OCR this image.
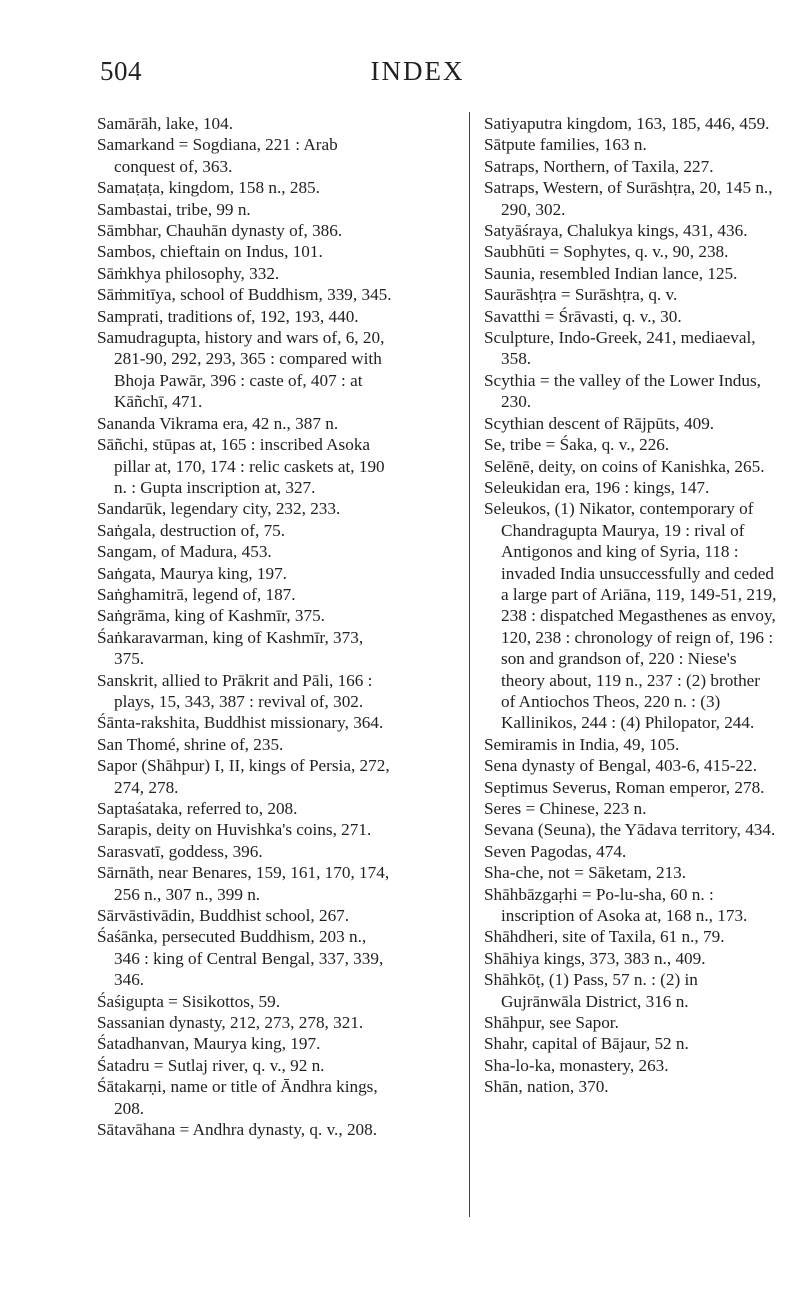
504	INDEX

Samārāh, lake, 104.

Samarkand = Sogdiana, 221 : Arab conquest of, 363.

Samaṭaṭa, kingdom, 158 n., 285.

Sambastai, tribe, 99 n.

Sāmbhar, Chauhān dynasty of, 386.

Sambos, chieftain on Indus, 101.

Sāṁkhya philosophy, 332.

Sāṁmitīya, school of Buddhism, 339, 345.

Samprati, traditions of, 192, 193, 440.

Samudragupta, history and wars of, 6, 20, 281-90, 292, 293, 365 : compared with Bhoja Pawār, 396 : caste of, 407 : at Kāñchī, 471.

Sananda Vikrama era, 42 n., 387 n.

Sāñchi, stūpas at, 165 : inscribed Asoka pillar at, 170, 174 : relic caskets at, 190 n. : Gupta inscription at, 327.

Sandarūk, legendary city, 232, 233.

Saṅgala, destruction of, 75.

Sangam, of Madura, 453.

Saṅgata, Maurya king, 197.

Saṅghamitrā, legend of, 187.

Saṅgrāma, king of Kashmīr, 375.

Śaṅkaravarman, king of Kashmīr, 373, 375.

Sanskrit, allied to Prākrit and Pāli, 166 : plays, 15, 343, 387 : revival of, 302.

Śānta-rakshita, Buddhist missionary, 364.

San Thomé, shrine of, 235.

Sapor (Shāhpur) I, II, kings of Persia, 272, 274, 278.

Saptaśataka, referred to, 208.

Sarapis, deity on Huvishka's coins, 271.

Sarasvatī, goddess, 396.

Sārnāth, near Benares, 159, 161, 170, 174, 256 n., 307 n., 399 n.

Sārvāstivādin, Buddhist school, 267.

Śaśānka, persecuted Buddhism, 203 n., 346 : king of Central Bengal, 337, 339, 346.

Śaśigupta = Sisikottos, 59.

Sassanian dynasty, 212, 273, 278, 321.

Śatadhanvan, Maurya king, 197.

Śatadru = Sutlaj river, q. v., 92 n.

Śātakarṇi, name or title of Āndhra kings, 208.

Sātavāhana = Andhra dynasty, q. v., 208.

Satiyaputra kingdom, 163, 185, 446, 459.

Sātpute families, 163 n.

Satraps, Northern, of Taxila, 227.

Satraps, Western, of Surāshṭra, 20, 145 n., 290, 302.

Satyāśraya, Chalukya kings, 431, 436.

Saubhūti = Sophytes, q. v., 90, 238.

Saunia, resembled Indian lance, 125.

Saurāshṭra = Surāshṭra, q. v.

Savatthi = Śrāvasti, q. v., 30.

Sculpture, Indo-Greek, 241, mediaeval, 358.

Scythia = the valley of the Lower Indus, 230.

Scythian descent of Rājpūts, 409.

Se, tribe = Śaka, q. v., 226.

Selēnē, deity, on coins of Kanishka, 265.

Seleukidan era, 196 : kings, 147.

Seleukos, (1) Nikator, contemporary of Chandragupta Maurya, 19 : rival of Antigonos and king of Syria, 118 : invaded India unsuccessfully and ceded a large part of Ariāna, 119, 149-51, 219, 238 : dispatched Megasthenes as envoy, 120, 238 : chronology of reign of, 196 : son and grandson of, 220 : Niese's theory about, 119 n., 237 : (2) brother of Antiochos Theos, 220 n. : (3) Kallinikos, 244 : (4) Philopator, 244.

Semiramis in India, 49, 105.

Sena dynasty of Bengal, 403-6, 415-22.

Septimus Severus, Roman emperor, 278.

Seres = Chinese, 223 n.

Sevana (Seuna), the Yādava territory, 434.

Seven Pagodas, 474.

Sha-che, not = Sāketam, 213.

Shāhbāzgaṛhi = Po-lu-sha, 60 n. : inscription of Asoka at, 168 n., 173.

Shāhdheri, site of Taxila, 61 n., 79.

Shāhiya kings, 373, 383 n., 409.

Shāhkōṭ, (1) Pass, 57 n. : (2) in Gujrānwāla District, 316 n.

Shāhpur, see Sapor.

Shahr, capital of Bājaur, 52 n.

Sha-lo-ka, monastery, 263.

Shān, nation, 370.
